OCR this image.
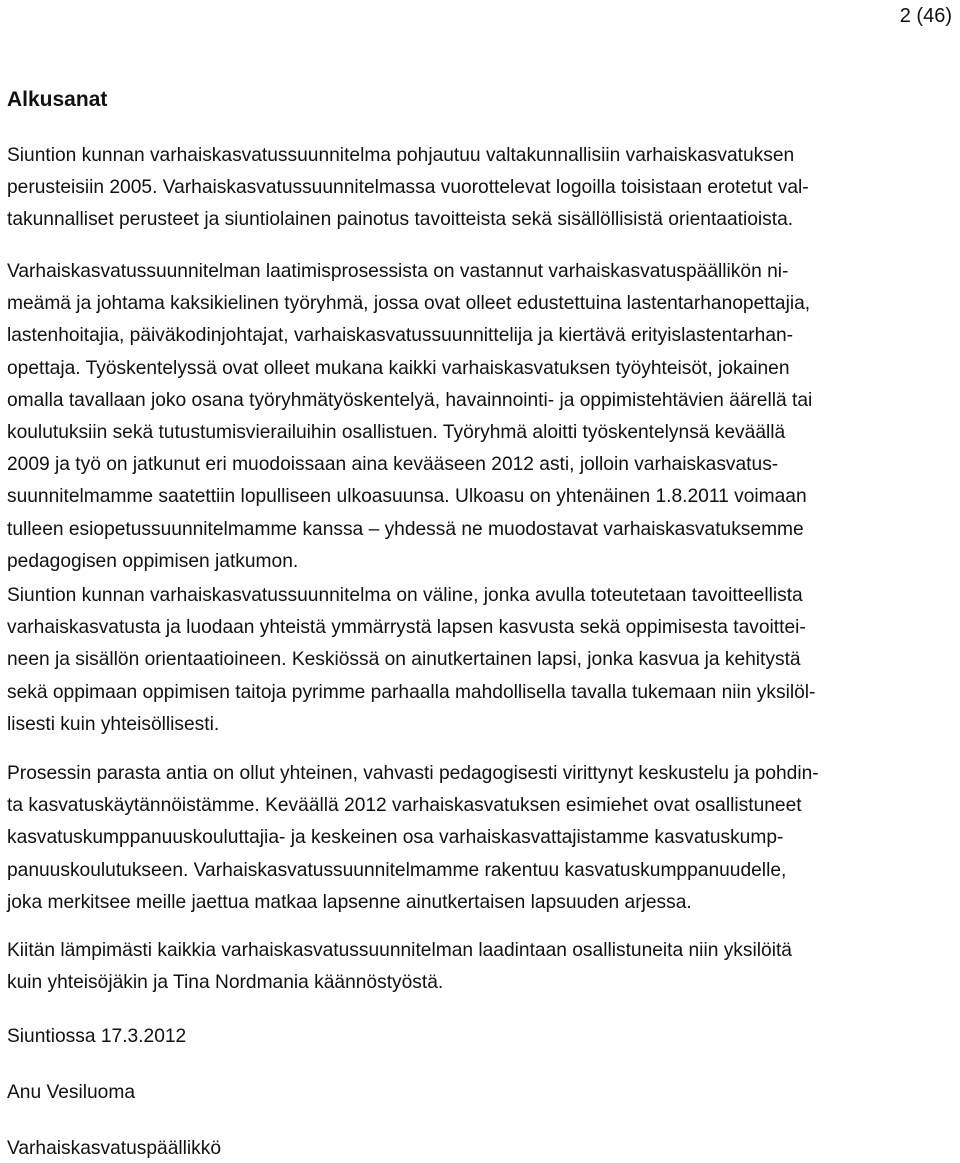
2 (46)
Alkusanat

Siuntion kunnan varhaiskasvatussuunnitelma pohjautuu valtakunnallisiin varhaiskasvatuksen
perusteisiin 2005. Varhaiskasvatussuunnitelmassa vuorottelevat logoilla toisistaan erotetut val-
takunnalliset perusteet ja siuntiolainen painotus tavoitteista sekä sisällöllisistä orientaatioista.

Varhaiskasvatussuunnitelman laatimisprosessista on vastannut varhaiskasvatuspäällikön ni-
meämä ja johtama kaksikielinen työryhmä, jossa ovat olleet edustettuina lastentarhanopettajia,
lastenhoitajia, päiväkodinjohtajat, varhaiskasvatussuunnittelija ja kiertävä erityislastentarhan-
opettaja. Työskentelyssä ovat olleet mukana kaikki varhaiskasvatuksen työyhteisöt, jokainen
omalla tavallaan joko osana työryhmätyöskentelyä, havainnointi- ja oppimistehtävien äärellä tai
koulutuksiin sekä tutustumisvierailuihin osallistuen. Työryhmä aloitti työskentelynsä keväällä
2009 ja työ on jatkunut eri muodoissaan aina kevääseen 2012 asti, jolloin varhaiskasvatus-
suunnitelmamme saatettiin lopulliseen ulkoasuunsa. Ulkoasu on yhtenäinen 1.8.2011 voimaan
tulleen esiopetussuunnitelmamme kanssa – yhdessä ne muodostavat varhaiskasvatuksemme
pedagogisen oppimisen jatkumon.

Siuntion kunnan varhaiskasvatussuunnitelma on väline, jonka avulla toteutetaan tavoitteellista
varhaiskasvatusta ja luodaan yhteistä ymmärrystä lapsen kasvusta sekä oppimisesta tavoittei-
neen ja sisällön orientaatioineen. Keskiössä on ainutkertainen lapsi, jonka kasvua ja kehitystä
sekä oppimaan oppimisen taitoja pyrimme parhaalla mahdollisella tavalla tukemaan niin yksilöl-
lisesti kuin yhteisöllisesti.

Prosessin parasta antia on ollut yhteinen, vahvasti pedagogisesti virittynyt keskustelu ja pohdin-
ta kasvatuskäytännöistämme. Keväällä 2012 varhaiskasvatuksen esimiehet ovat osallistuneet
kasvatuskumppanuuskouluttajia- ja keskeinen osa varhaiskasvattajistamme kasvatuskump-
panuuskoulutukseen. Varhaiskasvatussuunnitelmamme rakentuu kasvatuskumppanuudelle,
joka merkitsee meille jaettua matkaa lapsenne ainutkertaisen lapsuuden arjessa.

Kiitän lämpimästi kaikkia varhaiskasvatussuunnitelman laadintaan osallistuneita niin yksilöitä
kuin yhteisöjäkin ja Tina Nordmania käännöstyöstä.

Siuntiossa 17.3.2012
Anu Vesiluoma
Varhaiskasvatuspäällikkö
